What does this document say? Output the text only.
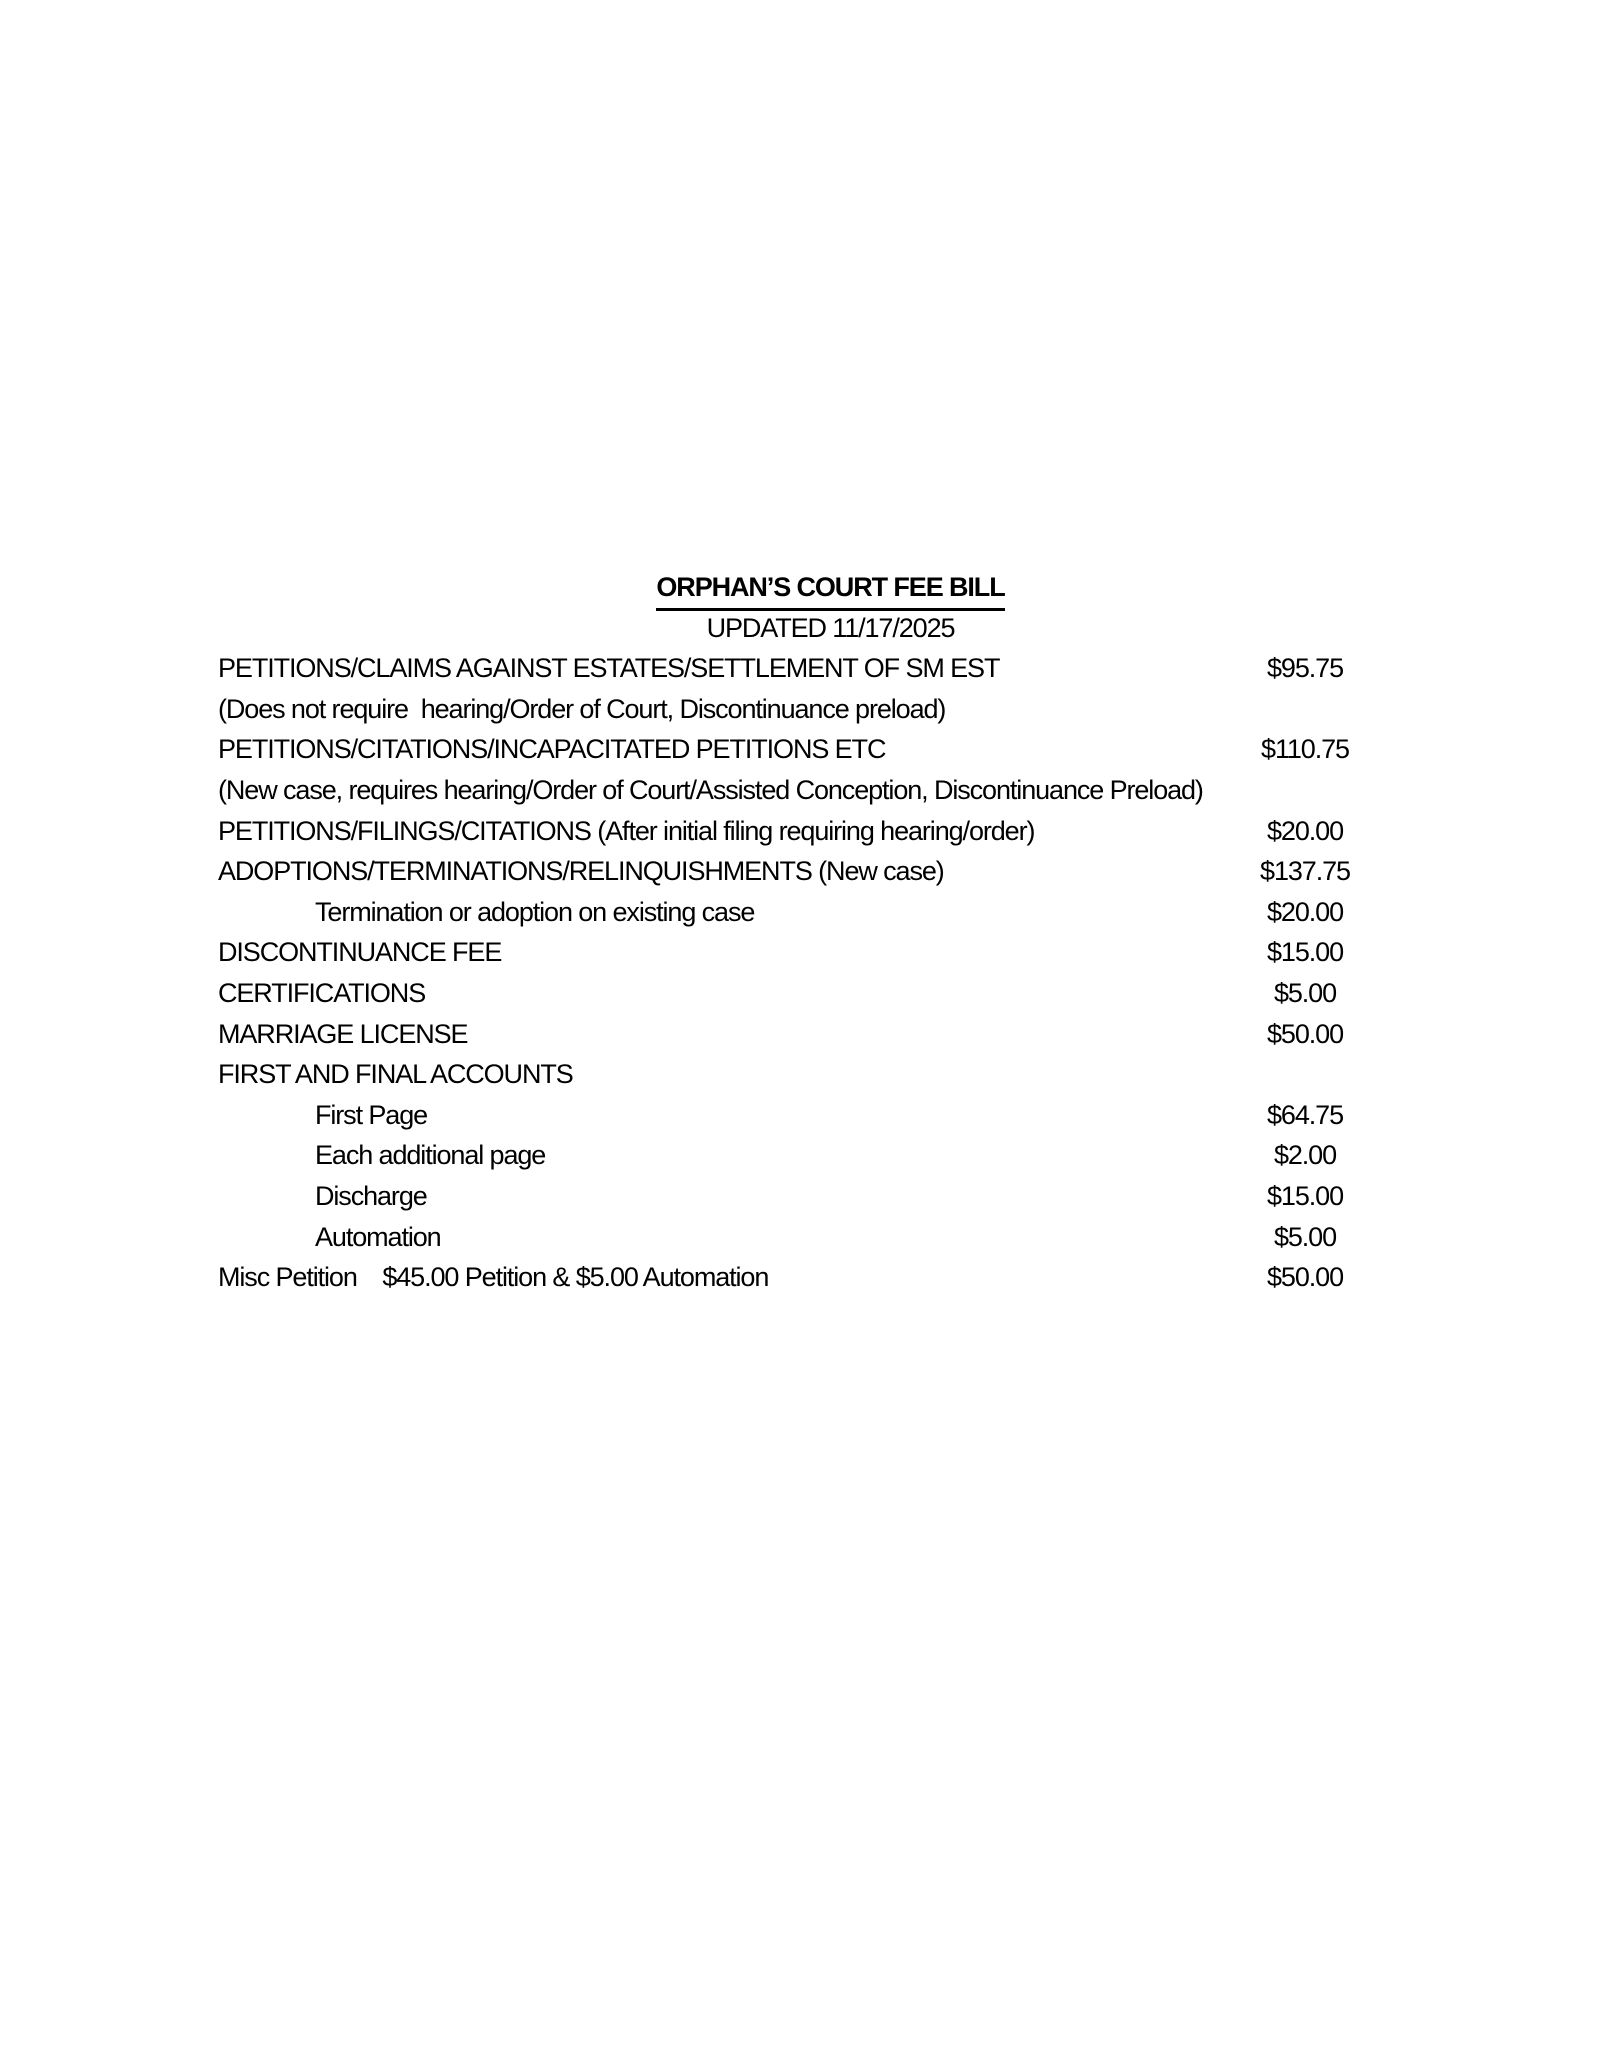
ORPHAN’S COURT FEE BILL
UPDATED 11/17/2025
PETITIONS/CLAIMS AGAINST ESTATES/SETTLEMENT OF SM EST	$95.75
(Does not require  hearing/Order of Court, Discontinuance preload)
PETITIONS/CITATIONS/INCAPACITATED PETITIONS ETC	$110.75
(New case, requires hearing/Order of Court/Assisted Conception, Discontinuance Preload)
PETITIONS/FILINGS/CITATIONS (After initial filing requiring hearing/order)	$20.00
ADOPTIONS/TERMINATIONS/RELINQUISHMENTS (New case)	$137.75
Termination or adoption on existing case	$20.00
DISCONTINUANCE FEE	$15.00
CERTIFICATIONS	$5.00
MARRIAGE LICENSE	$50.00
FIRST AND FINAL ACCOUNTS
First Page	$64.75
Each additional page	$2.00
Discharge	$15.00
Automation	$5.00
Misc Petition    $45.00 Petition & $5.00 Automation	$50.00
